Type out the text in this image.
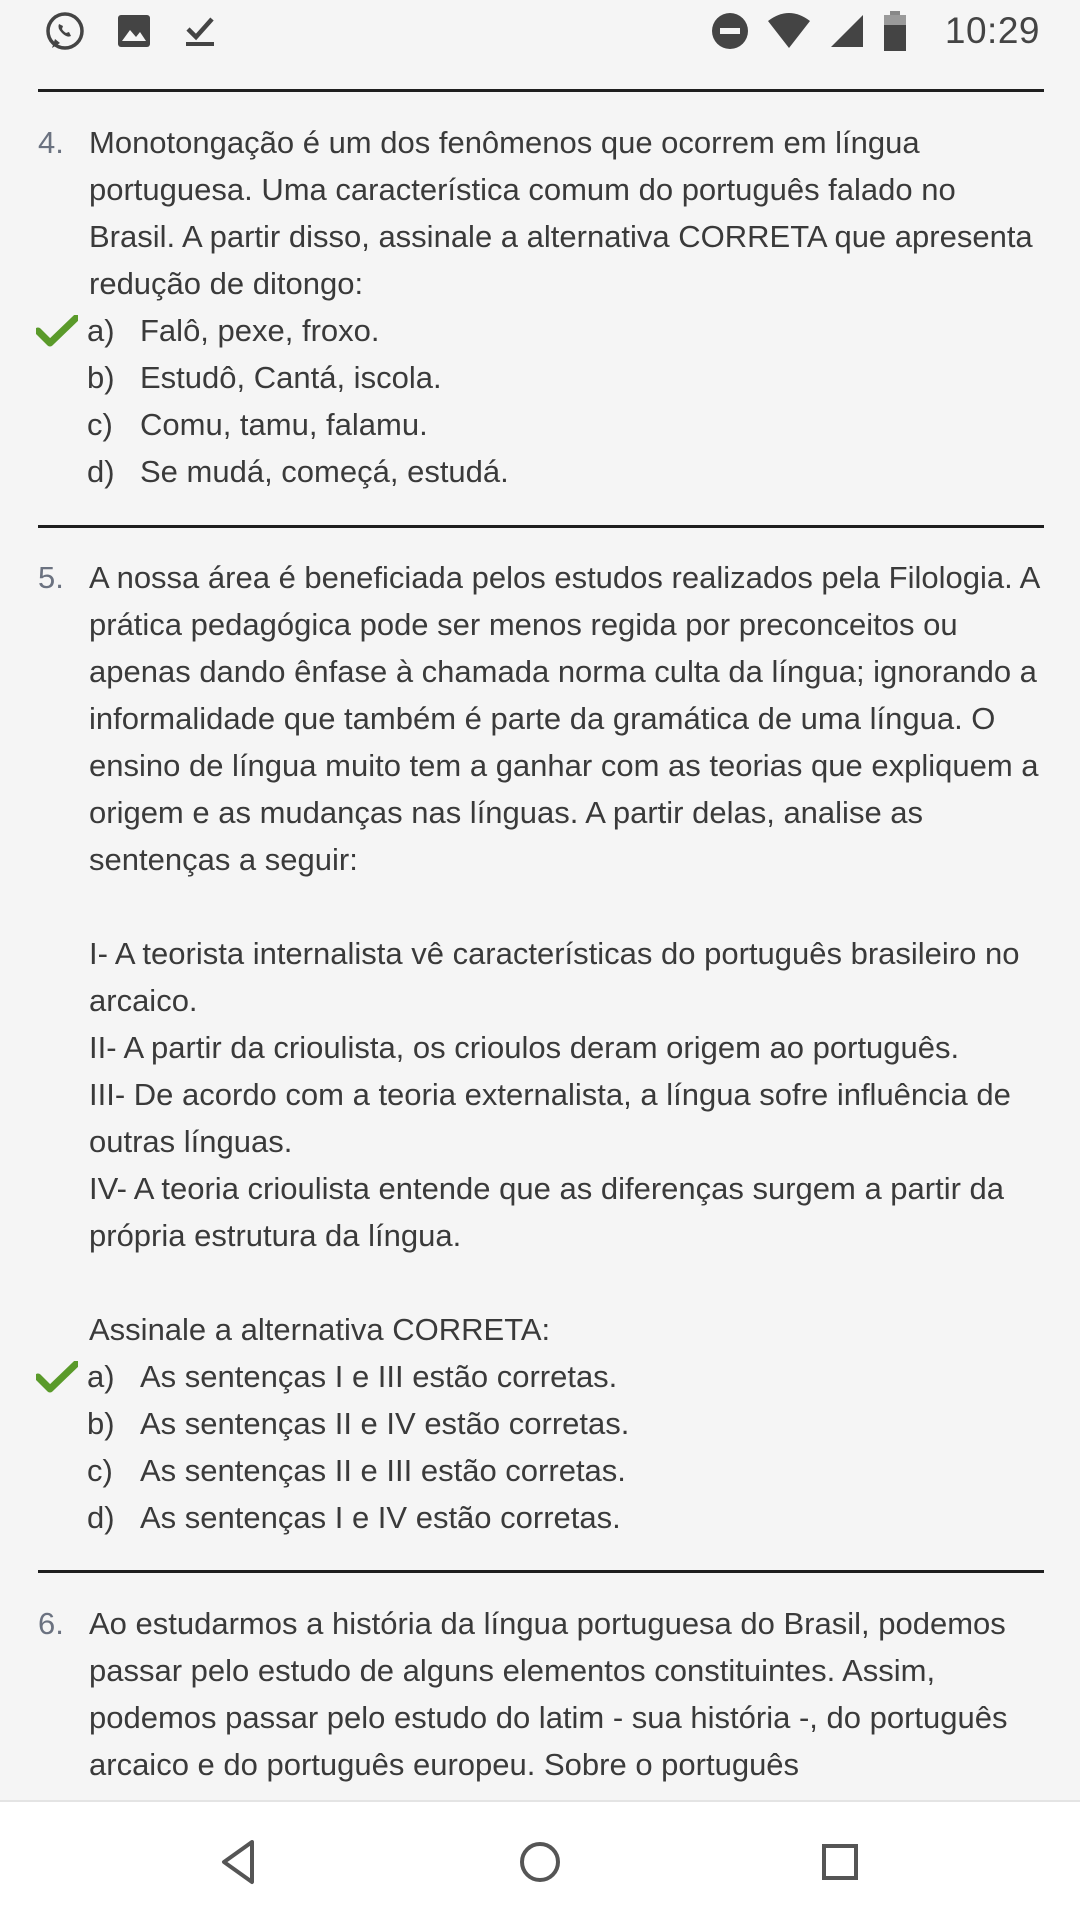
10:29
4. Monotongação é um dos fenômenos que ocorrem em língua portuguesa. Uma característica comum do português falado no Brasil. A partir disso, assinale a alternativa CORRETA que apresenta redução de ditongo:

a) Falô, pexe, froxo.
b) Estudô, Cantá, iscola.
c) Comu, tamu, falamu.
d) Se mudá, começá, estudá.
5. A nossa área é beneficiada pelos estudos realizados pela Filologia. A prática pedagógica pode ser menos regida por preconceitos ou apenas dando ênfase à chamada norma culta da língua; ignorando a informalidade que também é parte da gramática de uma língua. O ensino de língua muito tem a ganhar com as teorias que expliquem a origem e as mudanças nas línguas. A partir delas, analise as sentenças a seguir:

I- A teorista internalista vê características do português brasileiro no arcaico.

II- A partir da crioulista, os crioulos deram origem ao português.

III- De acordo com a teoria externalista, a língua sofre influência de outras línguas.

IV- A teoria crioulista entende que as diferenças surgem a partir da própria estrutura da língua.

Assinale a alternativa CORRETA:

a) As sentenças I e III estão corretas.
b) As sentenças II e IV estão corretas.
c) As sentenças II e III estão corretas.
d) As sentenças I e IV estão corretas.
6. Ao estudarmos a história da língua portuguesa do Brasil, podemos passar pelo estudo de alguns elementos constituintes. Assim, podemos passar pelo estudo do latim - sua história -, do português arcaico e do português europeu. Sobre o português
